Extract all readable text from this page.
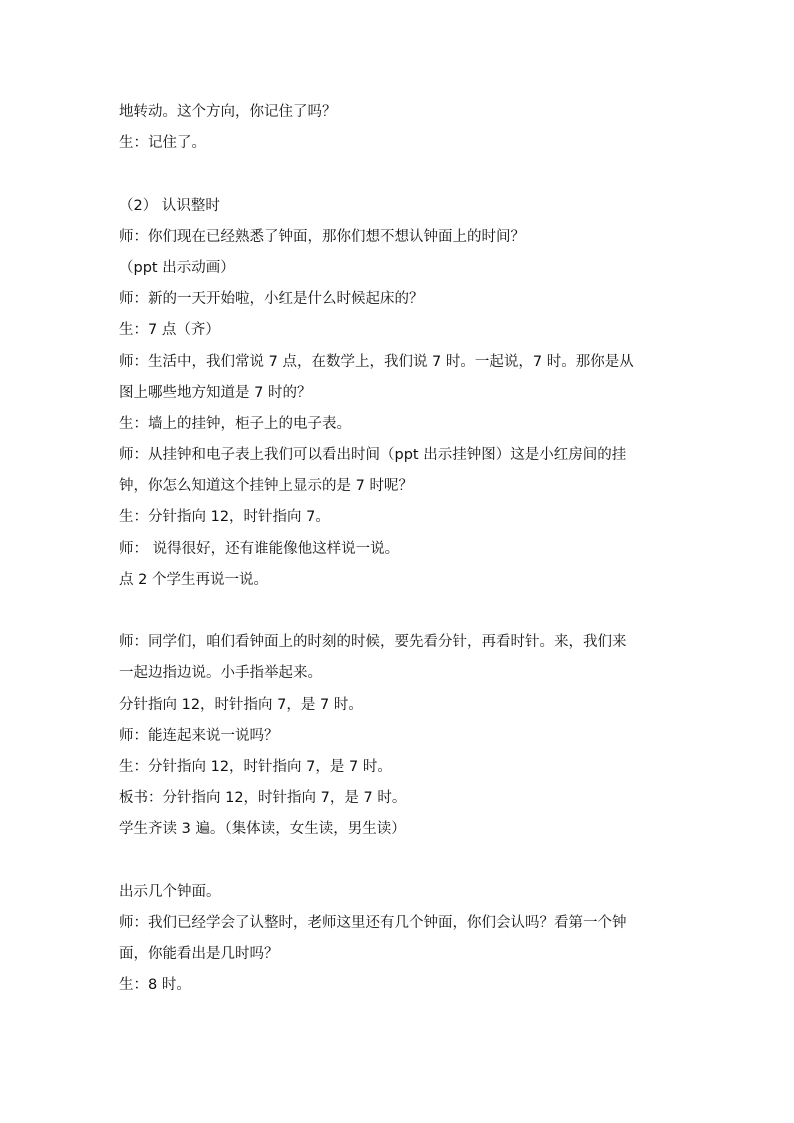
地转动。这个方向，你记住了吗？
生：记住了。
（2） 认识整时
师：你们现在已经熟悉了钟面，那你们想不想认钟面上的时间？
（ppt 出示动画）
师：新的一天开始啦，小红是什么时候起床的？
生：7 点（齐）
师：生活中，我们常说 7 点，在数学上，我们说 7 时。一起说，7 时。那你是从
图上哪些地方知道是 7 时的？
生：墙上的挂钟，柜子上的电子表。
师：从挂钟和电子表上我们可以看出时间（ppt 出示挂钟图）这是小红房间的挂
钟，你怎么知道这个挂钟上显示的是 7 时呢？
生：分针指向 12，时针指向 7。
师： 说得很好，还有谁能像他这样说一说。
点 2 个学生再说一说。
师：同学们，咱们看钟面上的时刻的时候，要先看分针，再看时针。来，我们来
一起边指边说。小手指举起来。
分针指向 12，时针指向 7，是 7 时。
师：能连起来说一说吗？
生：分针指向 12，时针指向 7，是 7 时。
板书：分针指向 12，时针指向 7，是 7 时。
学生齐读 3 遍。（集体读，女生读，男生读）
出示几个钟面。
师：我们已经学会了认整时，老师这里还有几个钟面，你们会认吗？看第一个钟
面，你能看出是几时吗？
生：8 时。
